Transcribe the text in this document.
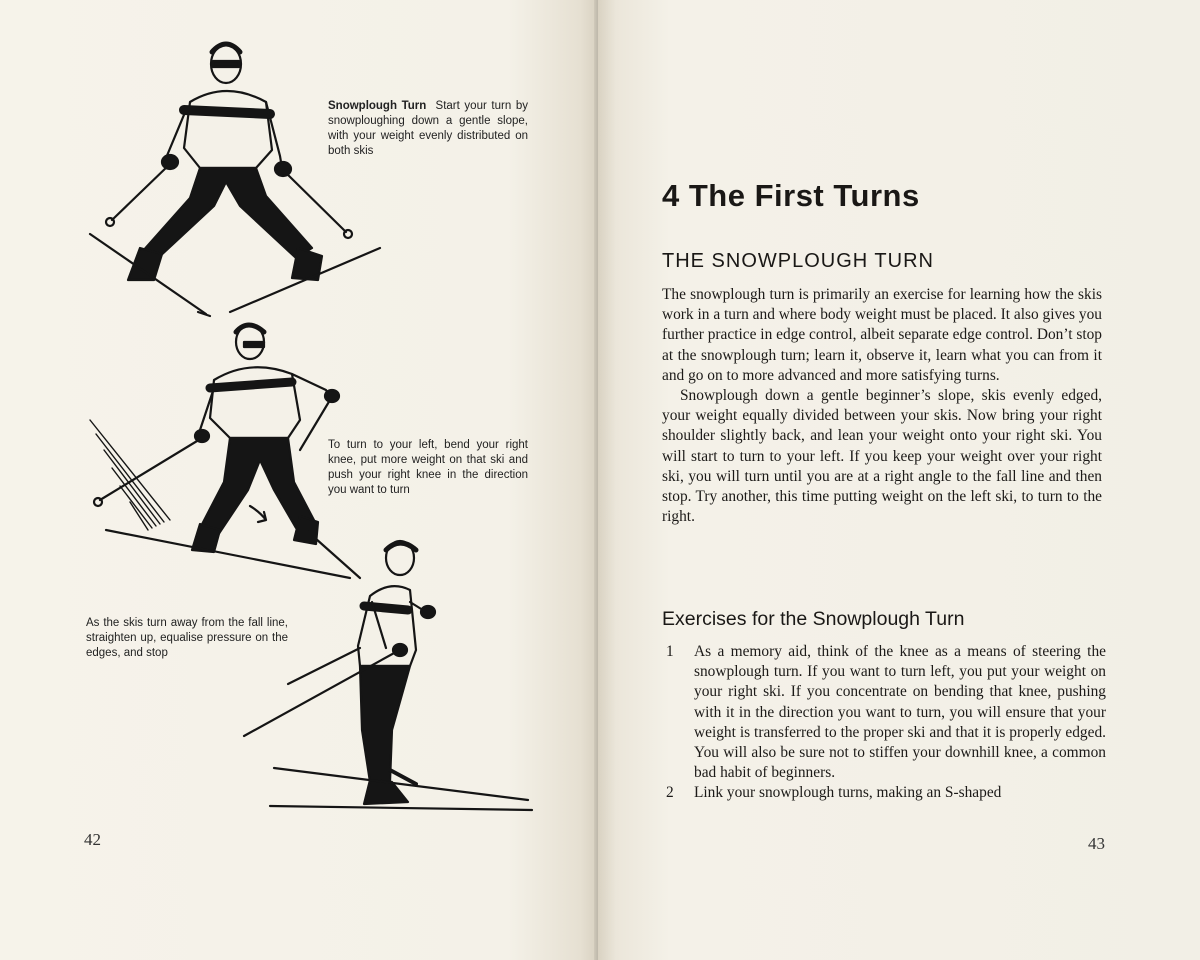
Snowplough Turn Start your turn by snowploughing down a gentle slope, with your weight evenly distributed on both skis
To turn to your left, bend your right knee, put more weight on that ski and push your right knee in the direction you want to turn
As the skis turn away from the fall line, straighten up, equalise pressure on the edges, and stop
42
4 The First Turns
THE SNOWPLOUGH TURN

The snowplough turn is primarily an exercise for learning how the skis work in a turn and where body weight must be placed. It also gives you further practice in edge control, albeit separate edge control. Don’t stop at the snowplough turn; learn it, observe it, learn what you can from it and go on to more advanced and more satisfying turns.

Snowplough down a gentle beginner’s slope, skis evenly edged, your weight equally divided between your skis. Now bring your right shoulder slightly back, and lean your weight onto your right ski. You will start to turn to your left. If you keep your weight over your right ski, you will turn until you are at a right angle to the fall line and then stop. Try another, this time putting weight on the left ski, to turn to the right.

Exercises for the Snowplough Turn
1 As a memory aid, think of the knee as a means of steering the snowplough turn. If you want to turn left, you put your weight on your right ski. If you concentrate on bending that knee, pushing with it in the direction you want to turn, you will ensure that your weight is transferred to the proper ski and that it is properly edged. You will also be sure not to stiffen your downhill knee, a common bad habit of beginners.
2 Link your snowplough turns, making an S-shaped
43
